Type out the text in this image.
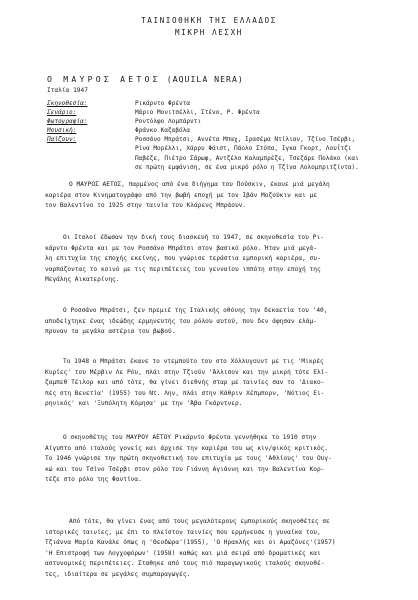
ΤΑΙΝΙΟΘΗΚΗ ΤΗΣ ΕΛΛΑΔΟΣ
ΜΙΚΡΗ ΛΕΣΧΗ
Ο ΜΑΥΡΟΣ ΑΕΤΟΣ (AQUILA NERA)
Ιταλία 1947
Σκηνοθεσία:	Ρικάρντο Φρέντα
Σενάριο:	Μάριο Μονιτσέλλι, Στένο, Ρ. Φρέντα
Φωτογραφία:	Ροντόλφο Λομπάρντι
Μουσική:	Φράνκο Καζαβόλα
Παίζουν:	Ροσσάνο Μπράτσι, Αννέτα Μπαχ, Ιρασέμα Ντίλιαν, Τζίνο Τσέρβι,
Ρίνα Μορέλλι, Χάρρυ Φάιστ, Πάολο Στόπα, Ιγκα Γκορτ, Λουΐτζι
Παβέζε, Πιέτρο Σάρωφ, Αντζέλο Καλαμπρέζε, Τσεζάρε Πολάκο (και
σε πρώτη εμφάνιση, σε ένα μικρό ρόλο η Τζίνα Λολομπριτζίντα).
Ο ΜΑΥΡΟΣ ΑΕΤΟΣ, παρμένος από ένα διήγημα του Πούσκιν, έκανε μιά μεγάλη
καριέρα στον Κινηματογράφο από την βωβή εποχή με τον Ιβάν Μοζούκιν και με
τον Βαλεντίνο το 1925 στην ταινία του Κλάρενς Μπράουν.
Οι Ιταλοί έδωσαν την δική τους διασκευή το 1947, σε σκηνοθεσία του Ρι-
κάρντο Φρέντα και με τον Ροσσάνο Μπράτσι στον βασικό ρόλο. Ήταν μιά μεγά-
λη επιτυχία της εποχής εκείνης, που γνώρισε τεράστια εμπορική καριέρα, συ-
ναρπάζοντας το κοινό με τις περιπέτειες του γενναίου ιππότη στην εποχή της
Μεγάλης Αικατερίνης.
Ο Ροσσάνο Μπράτσι, ζεν πρεμιέ της Ιταλικής οθόνης την δεκαετία του '40,
αποδείχτηκε ένας ιδεώδης ερμηνευτής του ρόλου αυτού, που δεν άφησαν ελάμ-
πρυναν τα μεγάλα αστέρια του βωβού.
Το 1948 ο Μπράτσι έκανε το ντεμπούτο του στο Χόλλυγουντ με τις 'Μικρές
Κυρίες' του Μέρβιν Λε Ρόυ, πλάι στην Τζιούν 'Άλλισον και την μικρή τότε Ελί-
ζαμπεθ Τέιλορ και από τότε, θα γίνει διεθνής σταρ με ταινίες σαν το 'Διακο-
πές στη Βενετία' (1955) του Ντ. Λην, πλάι στην Κάθριν Χέπμπορν, 'Νότιος Ει-
ρηνικός' και 'Ξυπόλητη Κόμησα' με την 'Άβα Γκάρντνερ.
Ο σκηνοθέτης του ΜΑΥΡΟΥ ΑΕΤΟΥ Ρικάρντο Φρέντα γεννήθηκε το 1910 στην
Αίγυπτο από ιταλούς γονείς και άρχισε την καριέρα του ως κιν/φικός κριτικός.
Το 1946 γνώρισε την πρώτη σκηνοθετική του επιτυχία με τους 'Αθλίους' του Ουγ-
κώ και τον Τσίνο Τσέρβι στον ρόλο του Γιάννη Αγιάννη και την Βαλεντίνα Κορ-
τέζε στο ρόλο της Φαντίνα.
Από τότε, θα γίνει ένας από τους μεγαλύτερους εμπορικούς σκηνοθέτες σε
ιστορικές ταινίες, με έπι το πλείστον ταινίες που ερμήνευσε η γυναίκα του,
Τζιάννα Μαρία Κανάλε όπως η 'Θεοδώρα'(1955), 'Ο Ηρακλής και οι Αμαζόνες'(1957)
'Η Επιστροφή των Λογχοφόρων' (1958) καθώς και μιά σειρά από δραματικές και
αστυνομικές περιπέτειες. Σταθηκε από τους πιό παραγωγικούς ιταλούς σκηνοθέ-
τες, ιδιαίτερα σε μεγάλες συμπαραγωγές.
